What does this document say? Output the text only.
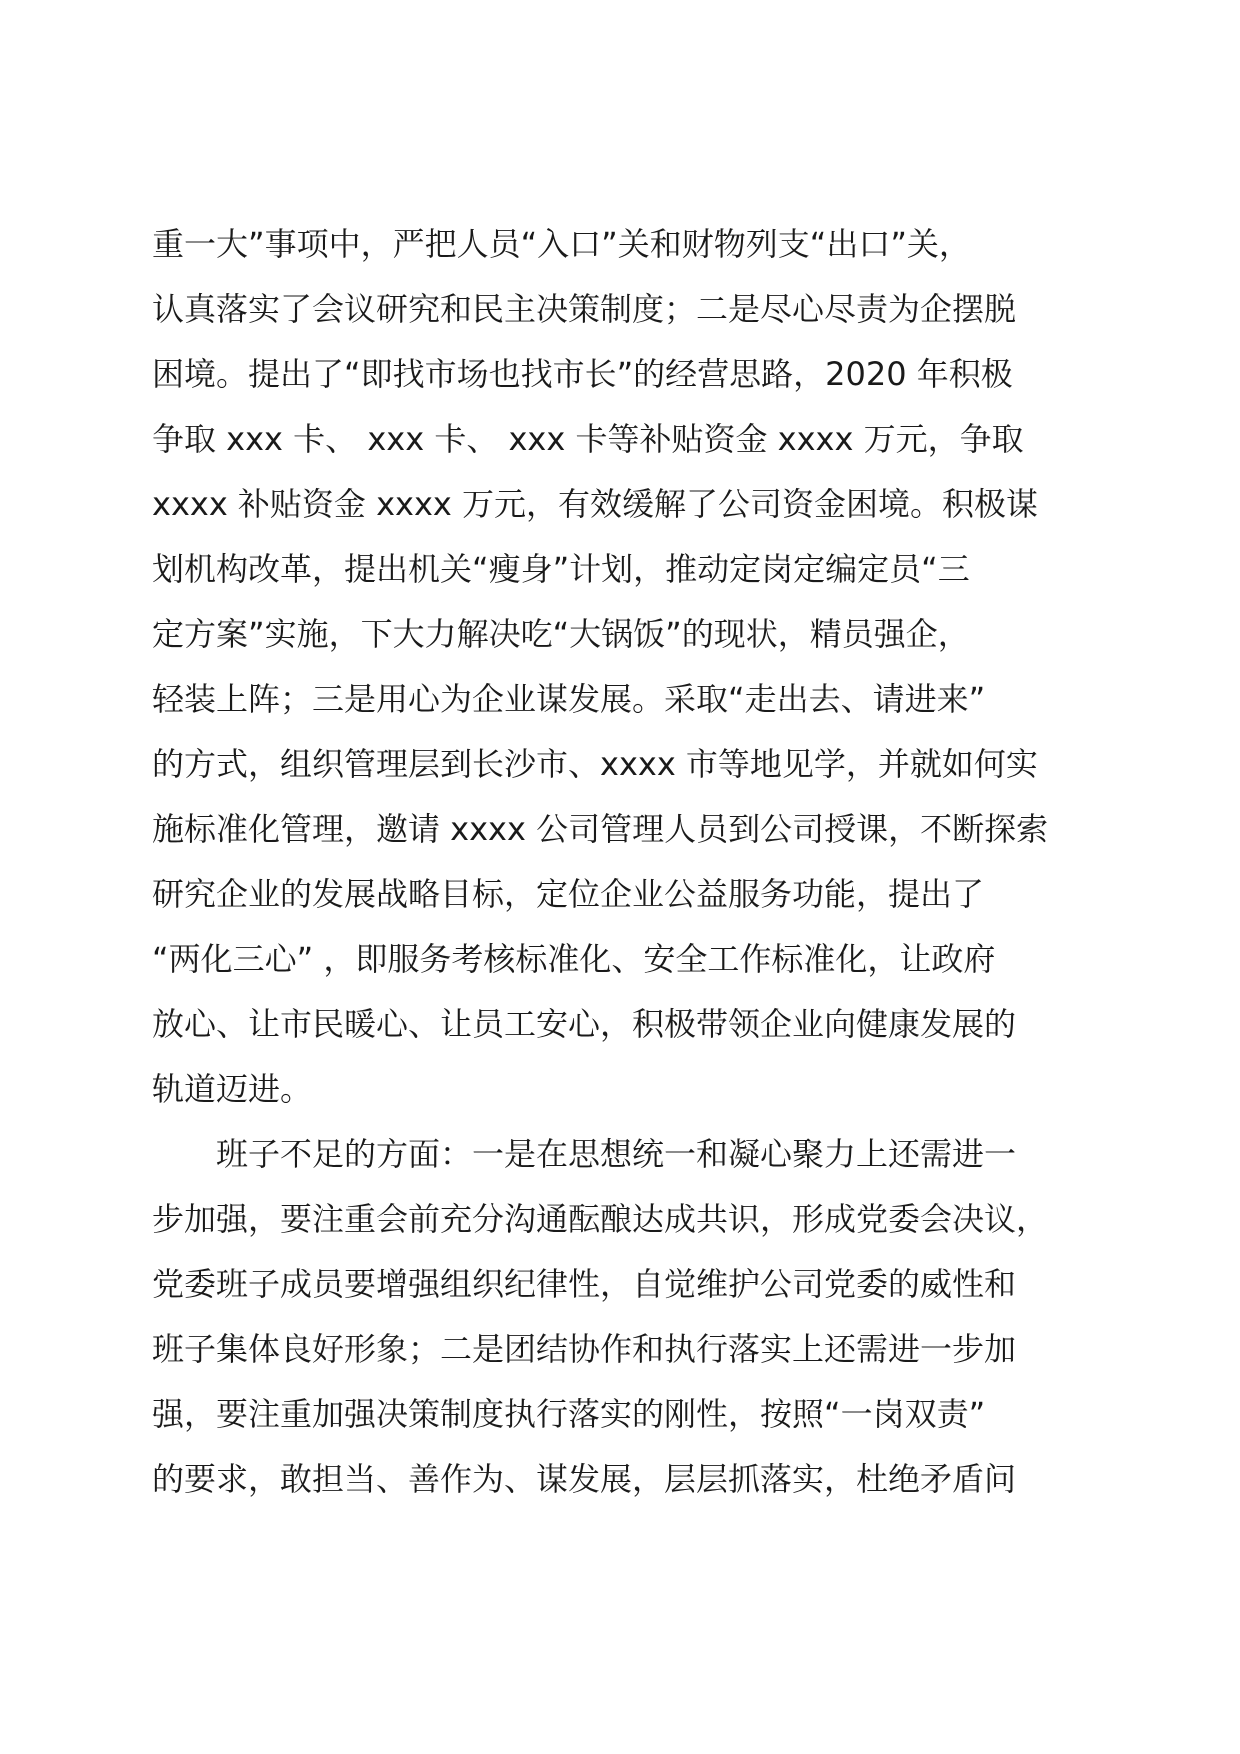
重一大”事项中，严把人员“入口”关和财物列支“出口”关，
认真落实了会议研究和民主决策制度；二是尽心尽责为企摆脱
困境。提出了“即找市场也找市长”的经营思路，2020 年积极
争取 xxx 卡、 xxx 卡、 xxx 卡等补贴资金 xxxx 万元，争取
xxxx 补贴资金 xxxx 万元，有效缓解了公司资金困境。积极谋
划机构改革，提出机关“瘦身”计划，推动定岗定编定员“三
定方案”实施，下大力解决吃“大锅饭”的现状，精员强企，
轻装上阵；三是用心为企业谋发展。采取“走出去、请进来”
的方式，组织管理层到长沙市、xxxx 市等地见学，并就如何实
施标准化管理，邀请 xxxx 公司管理人员到公司授课，不断探索
研究企业的发展战略目标，定位企业公益服务功能，提出了
“两化三心” ，即服务考核标准化、安全工作标准化，让政府
放心、让市民暖心、让员工安心，积极带领企业向健康发展的
轨道迈进。
班子不足的方面：一是在思想统一和凝心聚力上还需进一
步加强，要注重会前充分沟通酝酿达成共识，形成党委会决议，
党委班子成员要增强组织纪律性，自觉维护公司党委的威性和
班子集体良好形象；二是团结协作和执行落实上还需进一步加
强，要注重加强决策制度执行落实的刚性，按照“一岗双责”
的要求，敢担当、善作为、谋发展，层层抓落实，杜绝矛盾问
